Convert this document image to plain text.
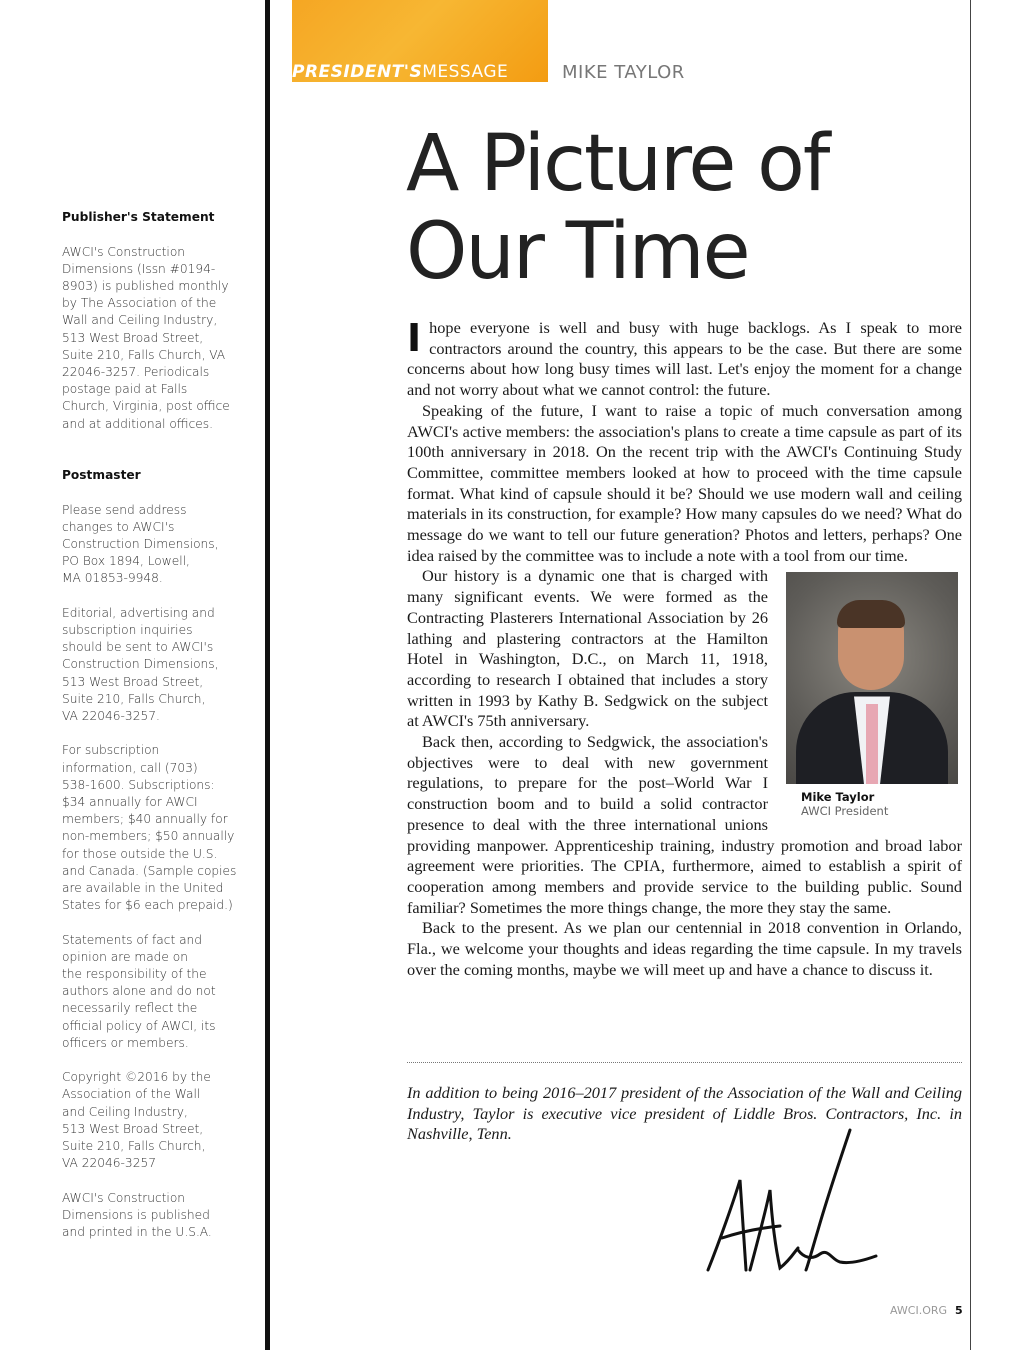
Publisher's Statement

AWCI's Construction
Dimensions (Issn #0194-
8903) is published monthly
by The Association of the
Wall and Ceiling Industry,
513 West Broad Street,
Suite 210, Falls Church, VA
22046-3257. Periodicals
postage paid at Falls
Church, Virginia, post office
and at additional offices.

Postmaster

Please send address
changes to AWCI's
Construction Dimensions,
PO Box 1894, Lowell,
MA 01853-9948.

Editorial, advertising and
subscription inquiries
should be sent to AWCI's
Construction Dimensions,
513 West Broad Street,
Suite 210, Falls Church,
VA 22046-3257.
For subscription
information, call (703)
538-1600. Subscriptions:
$34 annually for AWCI
members; $40 annually for
non-members; $50 annually
for those outside the U.S.
and Canada. (Sample copies
are available in the United
States for $6 each prepaid.)
Statements of fact and
opinion are made on
the responsibility of the
authors alone and do not
necessarily reflect the
official policy of AWCI, its
officers or members.
Copyright ©2016 by the
Association of the Wall
and Ceiling Industry,
513 West Broad Street,
Suite 210, Falls Church,
VA 22046-3257
AWCI's Construction
Dimensions is published
and printed in the U.S.A.
PRESIDENT'SMESSAGE	MIKE TAYLOR
A Picture of
Our Time

Ihope everyone is well and busy with huge backlogs. As I speak to more contractors around the country, this appears to be the case. But there are some concerns about how long busy times will last. Let's enjoy the moment for a change and not worry about what we cannot control: the future.

Speaking of the future, I want to raise a topic of much conversation among AWCI's active members: the association's plans to create a time capsule as part of its 100th anniversary in 2018. On the recent trip with the AWCI's Continuing Study Committee, committee members looked at how to proceed with the time capsule format. What kind of capsule should it be? Should we use modern wall and ceiling materials in its construction, for example? How many capsules do we need? What do message do we want to tell our future generation? Photos and letters, perhaps? One idea raised by the committee was to include a note with a tool from our time.

Mike Taylor
AWCI President
Our history is a dynamic one that is charged with many significant events. We were formed as the Contracting Plasterers International Association by 26 lathing and plastering contractors at the Hamilton Hotel in Washington, D.C., on March 11, 1918, according to research I obtained that includes a story written in 1993 by Kathy B. Sedgwick on the subject at AWCI's 75th anniversary.

Back then, according to Sedgwick, the association's objectives were to deal with new government regulations, to prepare for the post–World War I construction boom and to build a solid contractor presence to deal with the three international unions providing manpower. Apprenticeship training, industry promotion and broad labor agreement were priorities. The CPIA, furthermore, aimed to establish a spirit of cooperation among members and provide service to the building public. Sound familiar? Sometimes the more things change, the more they stay the same.

Back to the present. As we plan our centennial in 2018 convention in Orlando, Fla., we welcome your thoughts and ideas regarding the time capsule. In my travels over the coming months, maybe we will meet up and have a chance to discuss it.

In addition to being 2016–2017 president of the Association of the Wall and Ceiling Industry, Taylor is executive vice president of Liddle Bros. Contractors, Inc. in Nashville, Tenn.
AWCI.ORG 5
